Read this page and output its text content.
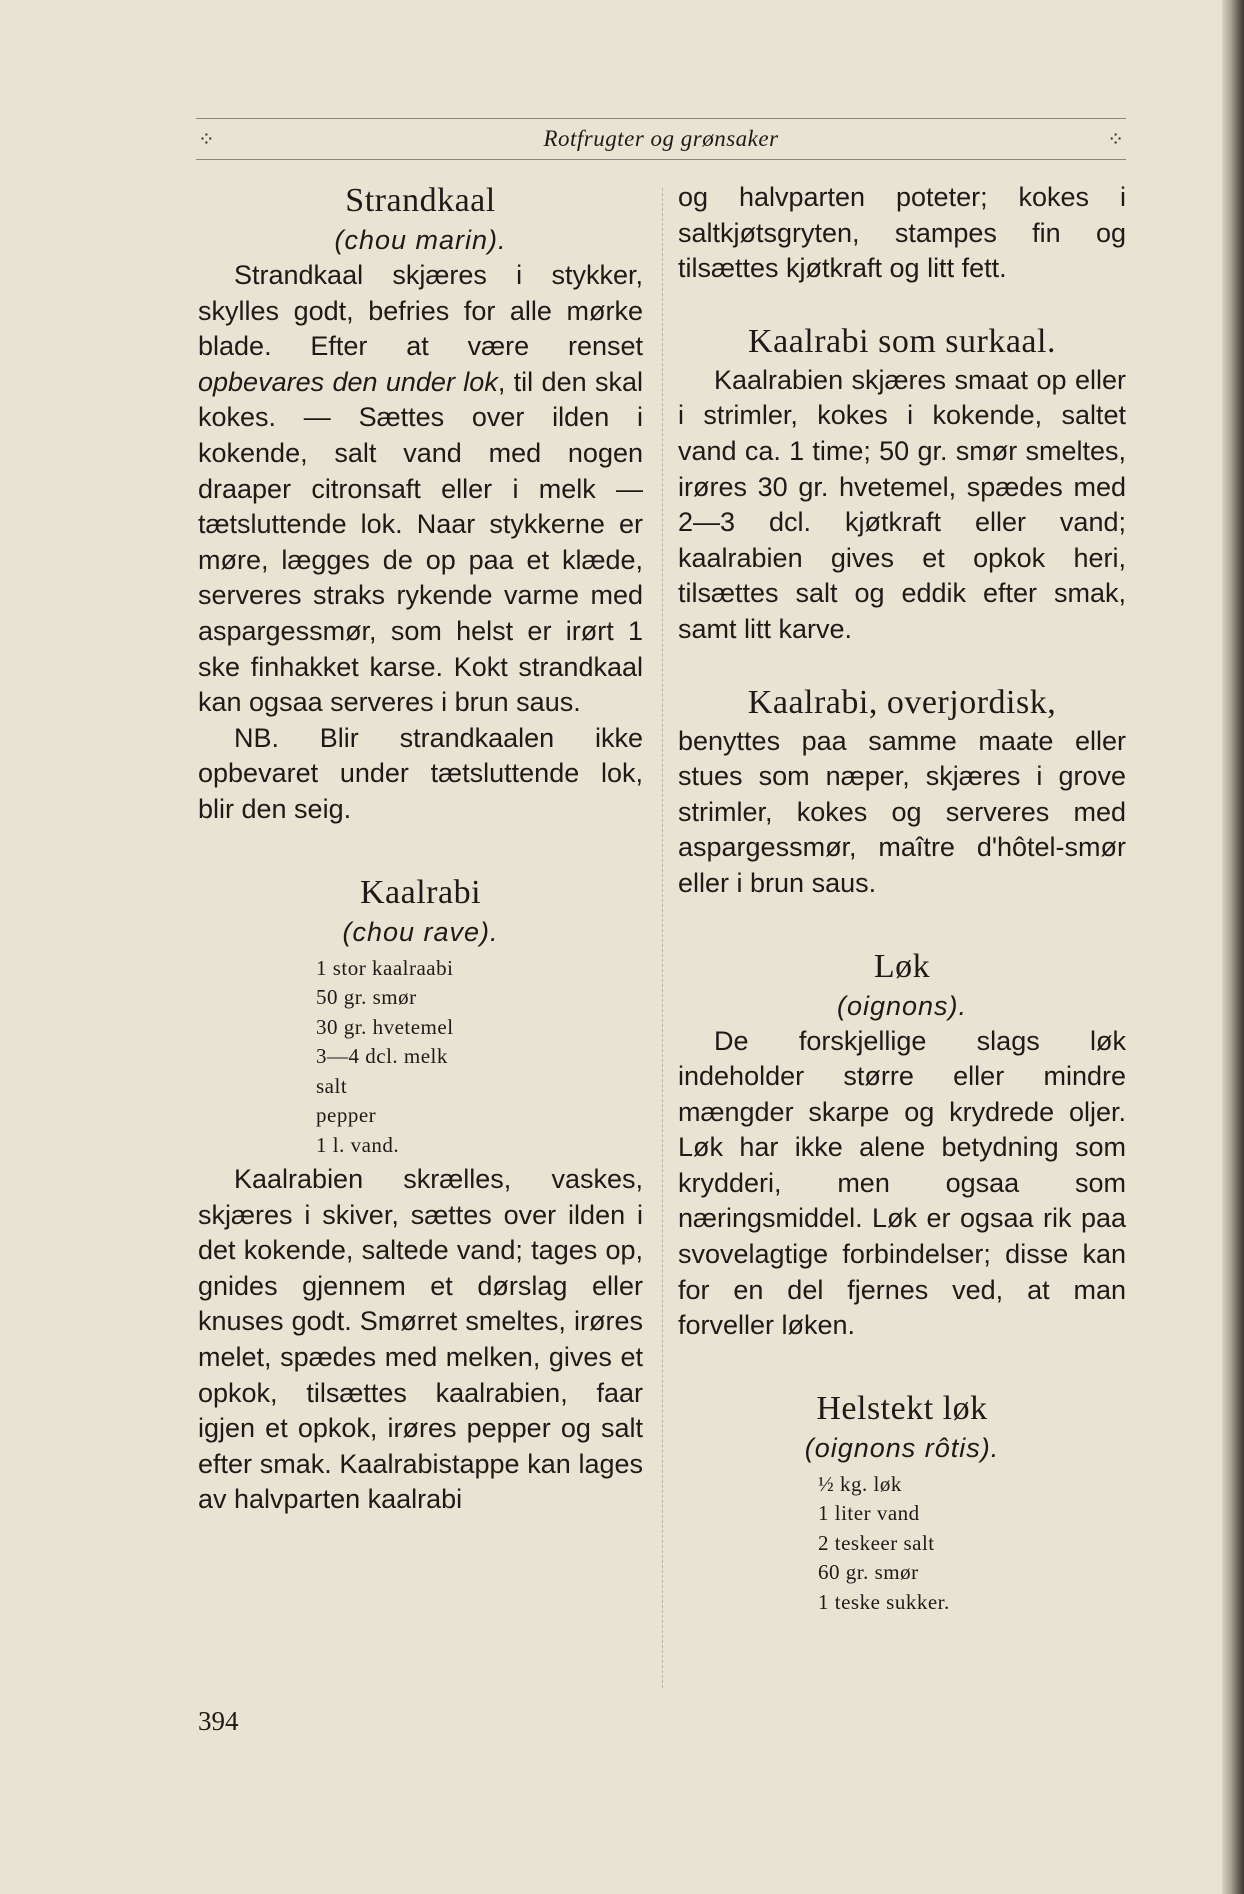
⁘	Rotfrugter og grønsaker	⁘
Strandkaal
(chou marin).

Strandkaal skjæres i stykker, skylles godt, befries for alle mørke blade. Efter at være renset opbevares den under lok, til den skal kokes. — Sættes over ilden i kokende, salt vand med nogen draaper citronsaft eller i melk — tætsluttende lok. Naar stykkerne er møre, lægges de op paa et klæde, serveres straks rykende varme med aspargessmør, som helst er irørt 1 ske finhakket karse. Kokt strandkaal kan ogsaa serveres i brun saus.

NB. Blir strandkaalen ikke opbevaret under tætsluttende lok, blir den seig.

Kaalrabi
(chou rave).
1 stor kaalraabi
50 gr. smør
30 gr. hvetemel
3—4 dcl. melk
salt
pepper
1 l. vand.

Kaalrabien skrælles, vaskes, skjæres i skiver, sættes over ilden i det kokende, saltede vand; tages op, gnides gjennem et dørslag eller knuses godt. Smørret smeltes, irøres melet, spædes med melken, gives et opkok, tilsættes kaalrabien, faar igjen et opkok, irøres pepper og salt efter smak. Kaalrabistappe kan lages av halvparten kaalrabi

og halvparten poteter; kokes i saltkjøtsgryten, stampes fin og tilsættes kjøtkraft og litt fett.

Kaalrabi som surkaal.

Kaalrabien skjæres smaat op eller i strimler, kokes i kokende, saltet vand ca. 1 time; 50 gr. smør smeltes, irøres 30 gr. hvetemel, spædes med 2—3 dcl. kjøtkraft eller vand; kaalrabien gives et opkok heri, tilsættes salt og eddik efter smak, samt litt karve.

Kaalrabi, overjordisk,

benyttes paa samme maate eller stues som næper, skjæres i grove strimler, kokes og serveres med aspargessmør, maître d'hôtel-smør eller i brun saus.

Løk
(oignons).

De forskjellige slags løk indeholder større eller mindre mængder skarpe og krydrede oljer. Løk har ikke alene betydning som krydderi, men ogsaa som næringsmiddel. Løk er ogsaa rik paa svovelagtige forbindelser; disse kan for en del fjernes ved, at man forveller løken.

Helstekt løk
(oignons rôtis).
½ kg. løk
1 liter vand
2 teskeer salt
60 gr. smør
1 teske sukker.
394
